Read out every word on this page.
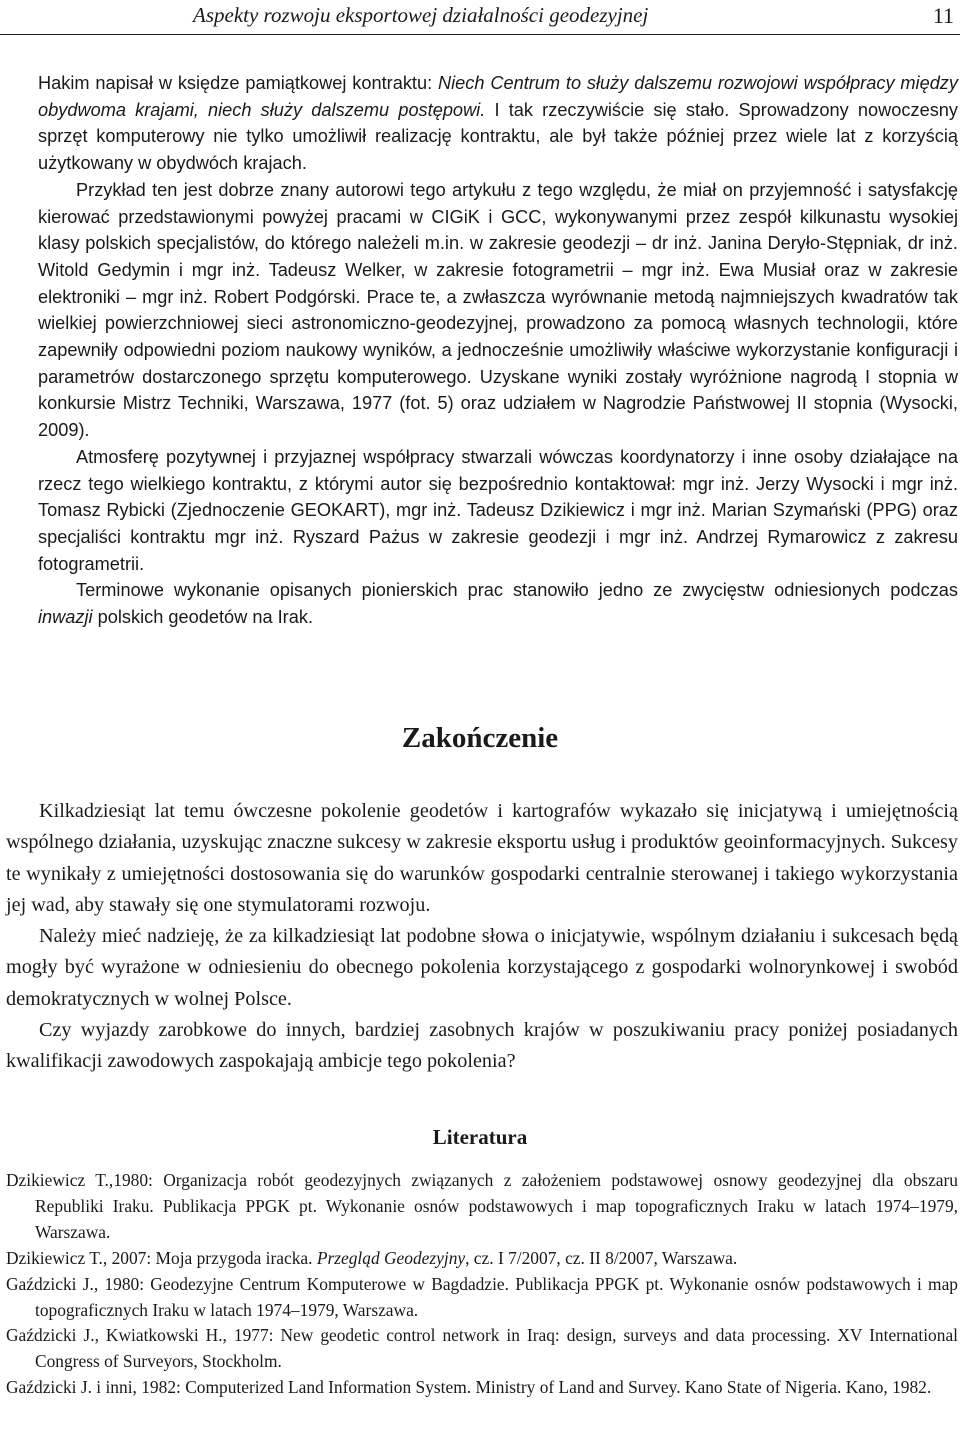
Aspekty rozwoju eksportowej działalności geodezyjnej	11

Hakim napisał w księdze pamiątkowej kontraktu: Niech Centrum to służy dalszemu rozwojowi współpracy między obydwoma krajami, niech służy dalszemu postępowi. I tak rzeczywiście się stało. Sprowadzony nowoczesny sprzęt komputerowy nie tylko umożliwił realizację kontraktu, ale był także później przez wiele lat z korzyścią użytkowany w obydwóch krajach.

Przykład ten jest dobrze znany autorowi tego artykułu z tego względu, że miał on przyjemność i satysfakcję kierować przedstawionymi powyżej pracami w CIGiK i GCC, wykonywanymi przez zespół kilkunastu wysokiej klasy polskich specjalistów, do którego należeli m.in. w zakresie geodezji – dr inż. Janina Deryło-Stępniak, dr inż. Witold Gedymin i mgr inż. Tadeusz Welker, w zakresie fotogrametrii – mgr inż. Ewa Musiał oraz w zakresie elektroniki – mgr inż. Robert Podgórski. Prace te, a zwłaszcza wyrównanie metodą najmniejszych kwadratów tak wielkiej powierzchniowej sieci astronomiczno-geodezyjnej, prowadzono za pomocą własnych technologii, które zapewniły odpowiedni poziom naukowy wyników, a jednocześnie umożliwiły właściwe wykorzystanie konfiguracji i parametrów dostarczonego sprzętu komputerowego. Uzyskane wyniki zostały wyróżnione nagrodą I stopnia w konkursie Mistrz Techniki, Warszawa, 1977 (fot. 5) oraz udziałem w Nagrodzie Państwowej II stopnia (Wysocki, 2009).

Atmosferę pozytywnej i przyjaznej współpracy stwarzali wówczas koordynatorzy i inne osoby działające na rzecz tego wielkiego kontraktu, z którymi autor się bezpośrednio kontaktował: mgr inż. Jerzy Wysocki i mgr inż. Tomasz Rybicki (Zjednoczenie GEOKART), mgr inż. Tadeusz Dzikiewicz i mgr inż. Marian Szymański (PPG) oraz specjaliści kontraktu mgr inż. Ryszard Pażus w zakresie geodezji i mgr inż. Andrzej Rymarowicz z zakresu fotogrametrii.

Terminowe wykonanie opisanych pionierskich prac stanowiło jedno ze zwycięstw odniesionych podczas inwazji polskich geodetów na Irak.

Zakończenie

Kilkadziesiąt lat temu ówczesne pokolenie geodetów i kartografów wykazało się inicjatywą i umiejętnością wspólnego działania, uzyskując znaczne sukcesy w zakresie eksportu usług i produktów geoinformacyjnych. Sukcesy te wynikały z umiejętności dostosowania się do warunków gospodarki centralnie sterowanej i takiego wykorzystania jej wad, aby stawały się one stymulatorami rozwoju.

Należy mieć nadzieję, że za kilkadziesiąt lat podobne słowa o inicjatywie, wspólnym działaniu i sukcesach będą mogły być wyrażone w odniesieniu do obecnego pokolenia korzystającego z gospodarki wolnorynkowej i swobód demokratycznych w wolnej Polsce.

Czy wyjazdy zarobkowe do innych, bardziej zasobnych krajów w poszukiwaniu pracy poniżej posiadanych kwalifikacji zawodowych zaspokajają ambicje tego pokolenia?

Literatura

Dzikiewicz T.,1980: Organizacja robót geodezyjnych związanych z założeniem podstawowej osnowy geodezyjnej dla obszaru Republiki Iraku. Publikacja PPGK pt. Wykonanie osnów podstawowych i map topograficznych Iraku w latach 1974–1979, Warszawa.

Dzikiewicz T., 2007: Moja przygoda iracka. Przegląd Geodezyjny, cz. I 7/2007, cz. II 8/2007, Warszawa.

Gaździcki J., 1980: Geodezyjne Centrum Komputerowe w Bagdadzie. Publikacja PPGK pt. Wykonanie osnów podstawowych i map topograficznych Iraku w latach 1974–1979, Warszawa.

Gaździcki J., Kwiatkowski H., 1977: New geodetic control network in Iraq: design, surveys and data processing. XV International Congress of Surveyors, Stockholm.

Gaździcki J. i inni, 1982: Computerized Land Information System. Ministry of Land and Survey. Kano State of Nigeria. Kano, 1982.
